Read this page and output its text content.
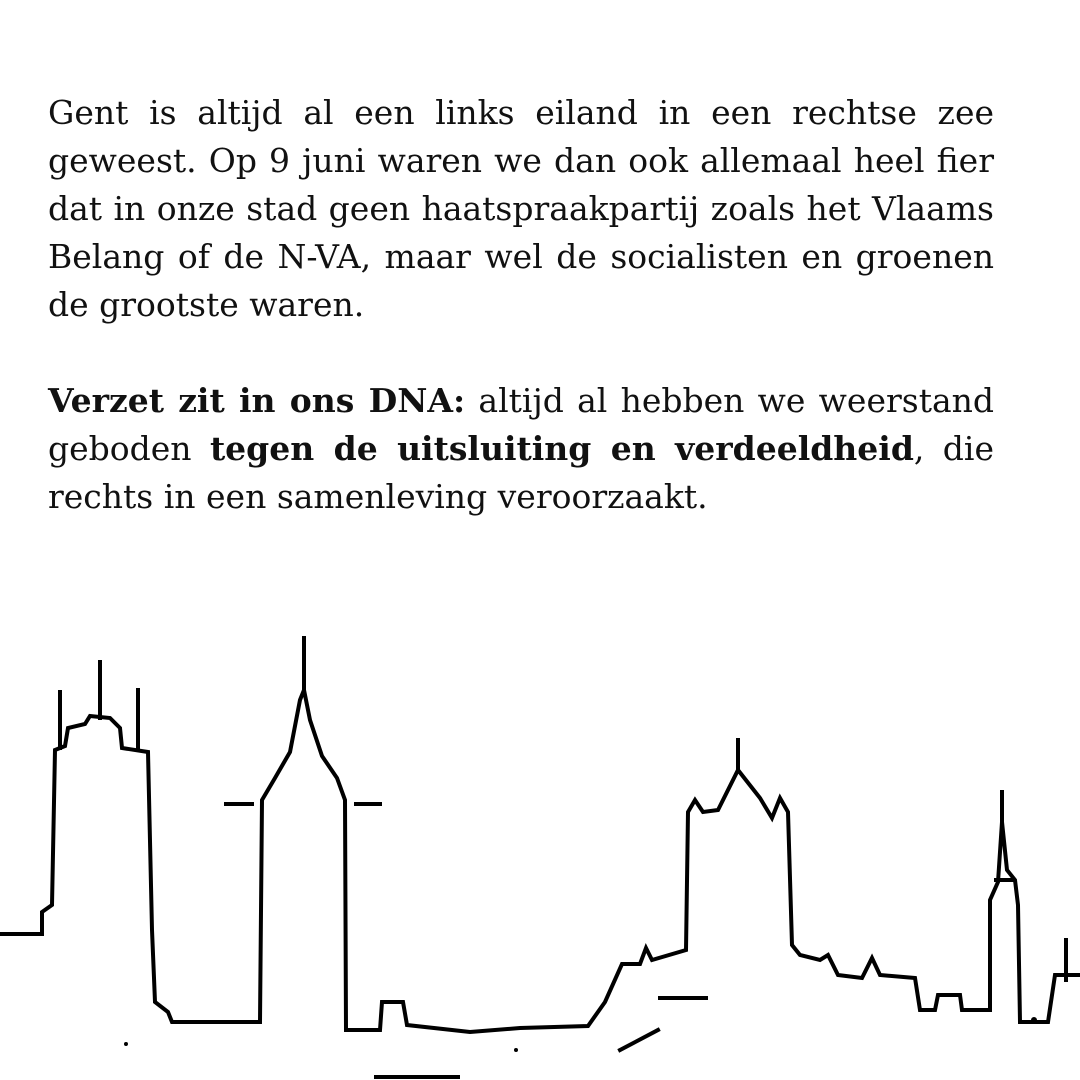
Gent is altijd al een links eiland in een rechtse zee geweest. Op 9 juni waren we dan ook allemaal heel fier dat in onze stad geen haatspraakpartij zoals het Vlaams Belang of de N-VA, maar wel de socialisten en groenen de grootste waren.

Verzet zit in ons DNA: altijd al hebben we weerstand geboden tegen de uitsluiting en verdeeldheid, die rechts in een samenleving veroorzaakt.
